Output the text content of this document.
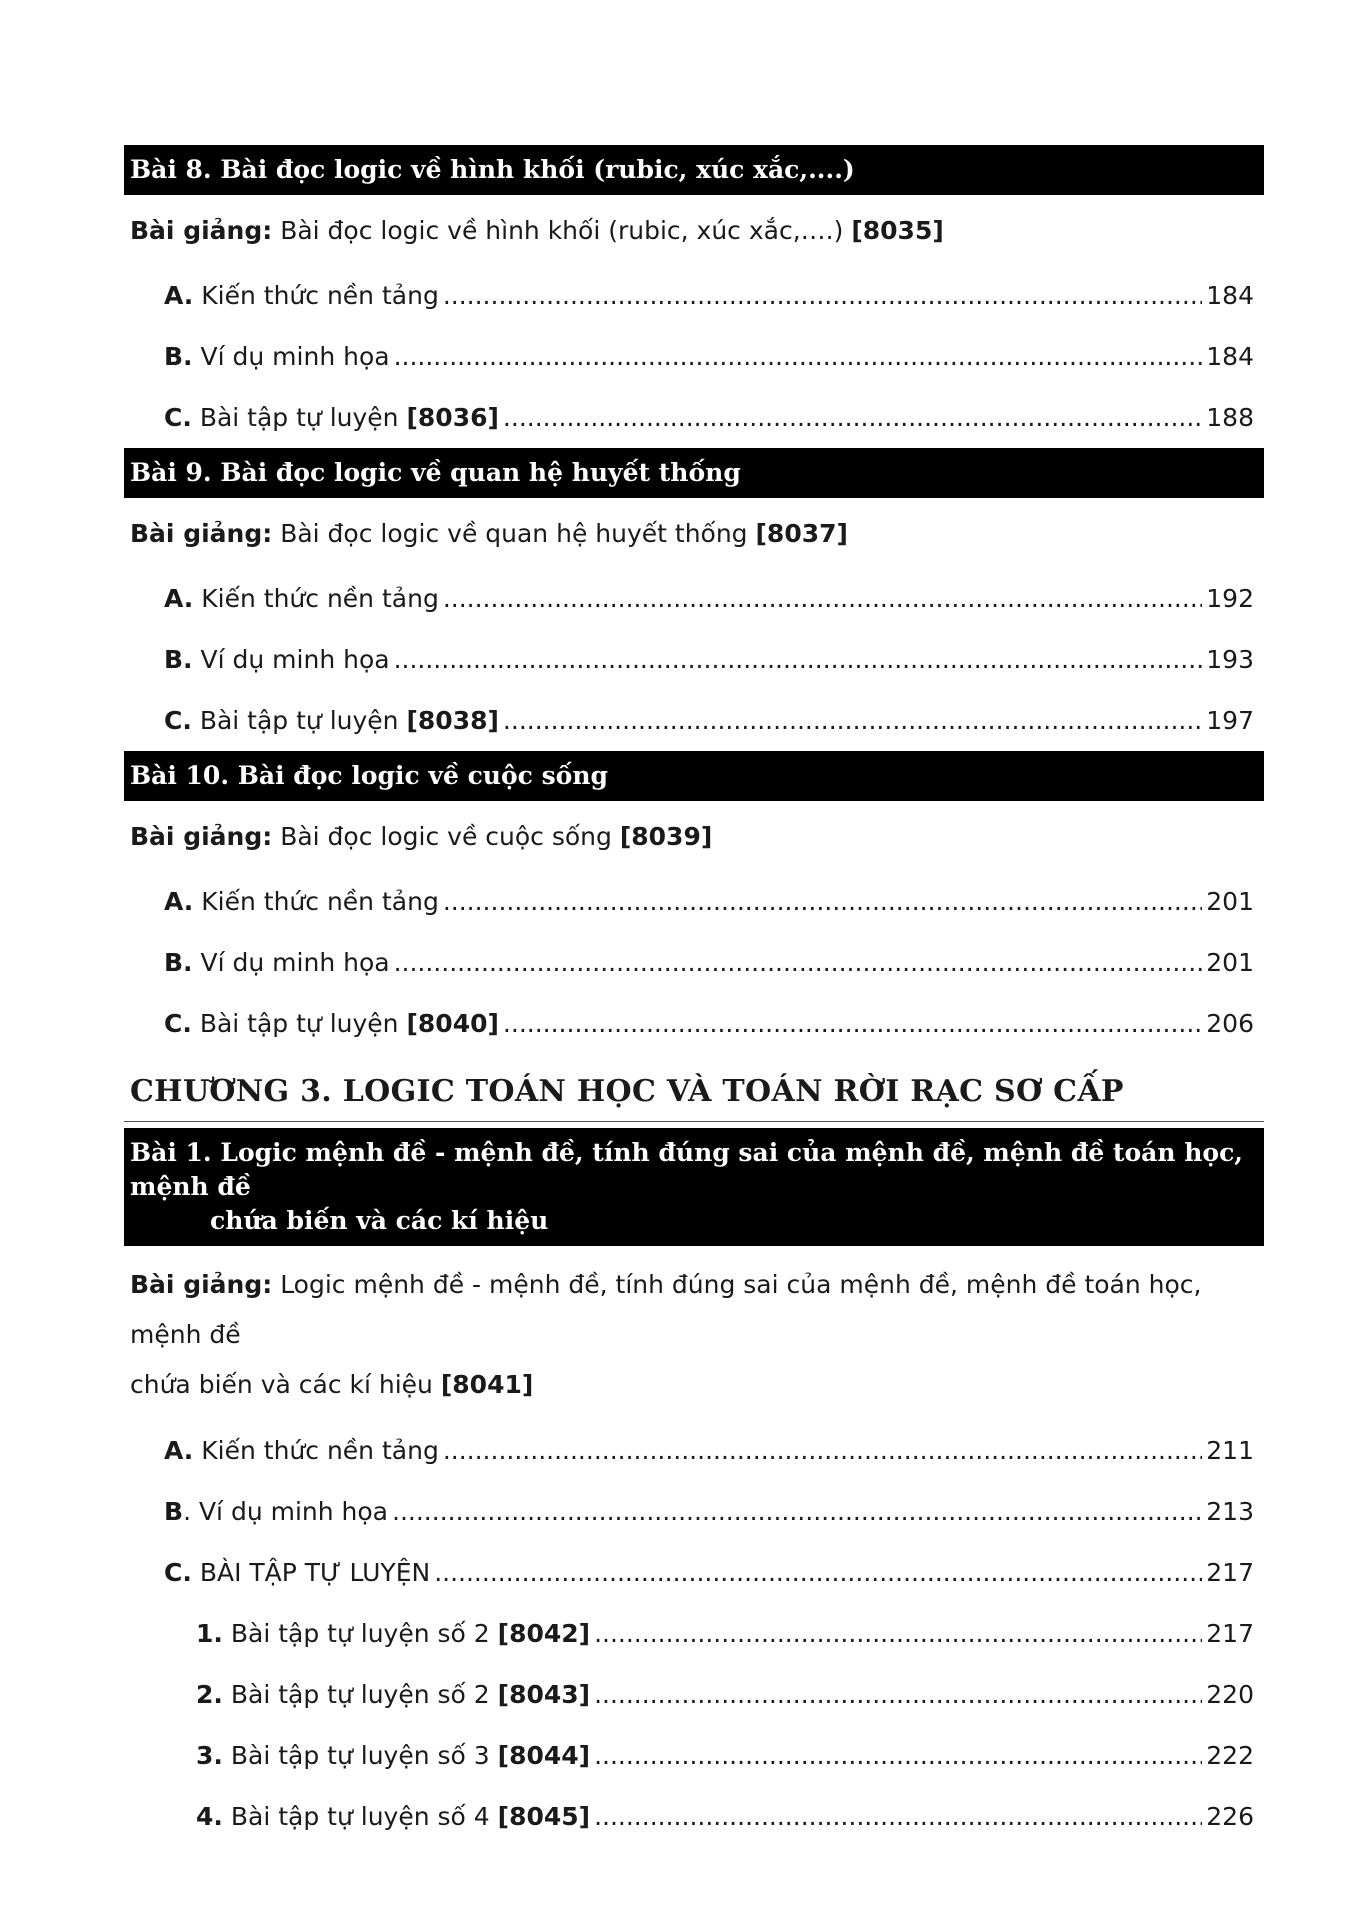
Bài 8. Bài đọc logic về hình khối (rubic, xúc xắc,....)
Bài giảng: Bài đọc logic về hình khối (rubic, xúc xắc,….) [8035]
A. Kiến thức nền tảng .....	184
B. Ví dụ minh họa .....	184
C. Bài tập tự luyện [8036] .....	188
Bài 9. Bài đọc logic về quan hệ huyết thống
Bài giảng: Bài đọc logic về quan hệ huyết thống [8037]
A. Kiến thức nền tảng .....	192
B. Ví dụ minh họa .....	193
C. Bài tập tự luyện [8038] .....	197
Bài 10. Bài đọc logic về cuộc sống
Bài giảng: Bài đọc logic về cuộc sống [8039]
A. Kiến thức nền tảng .....	201
B. Ví dụ minh họa .....	201
C. Bài tập tự luyện [8040] .....	206
CHƯƠNG 3. LOGIC TOÁN HỌC VÀ TOÁN RỜI RẠC SƠ CẤP
Bài 1. Logic mệnh đề - mệnh đề, tính đúng sai của mệnh đề, mệnh đề toán học, mệnh đề
chứa biến và các kí hiệu
Bài giảng: Logic mệnh đề - mệnh đề, tính đúng sai của mệnh đề, mệnh đề toán học, mệnh đề
chứa biến và các kí hiệu [8041]
A. Kiến thức nền tảng .....	211
B. Ví dụ minh họa .....	213
C. BÀI TẬP TỰ LUYỆN .....	217
1. Bài tập tự luyện số 2 [8042] .....	217
2. Bài tập tự luyện số 2 [8043] .....	220
3. Bài tập tự luyện số 3 [8044] .....	222
4. Bài tập tự luyện số 4 [8045] .....	226
